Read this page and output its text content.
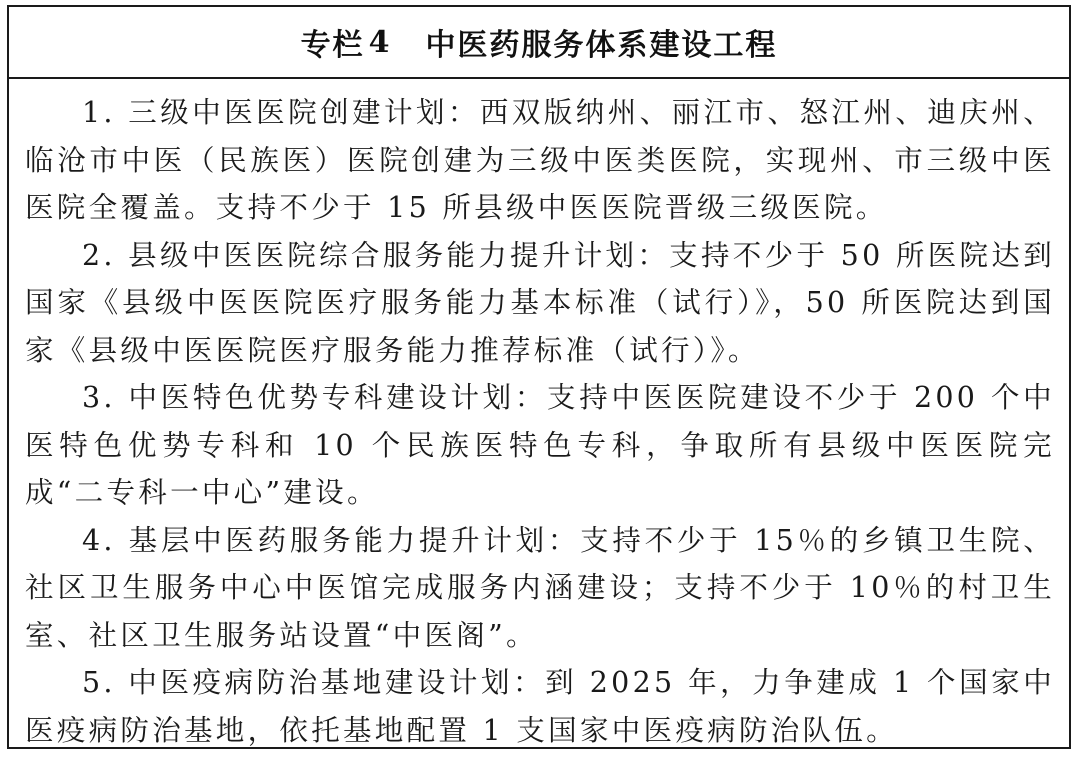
专栏 4 中医药服务体系建设工程

1. 三级中医医院创建计划：西双版纳州、丽江市、怒江州、迪庆州、临沧市中医（民族医）医院创建为三级中医类医院，实现州、市三级中医医院全覆盖。支持不少于 15 所县级中医医院晋级三级医院。

2. 县级中医医院综合服务能力提升计划：支持不少于 50 所医院达到国家《县级中医医院医疗服务能力基本标准（试行）》，50 所医院达到国家《县级中医医院医疗服务能力推荐标准（试行）》。

3. 中医特色优势专科建设计划：支持中医医院建设不少于 200 个中医特色优势专科和 10 个民族医特色专科，争取所有县级中医医院完成“二专科一中心”建设。

4. 基层中医药服务能力提升计划：支持不少于 15％的乡镇卫生院、社区卫生服务中心中医馆完成服务内涵建设；支持不少于 10％的村卫生室、社区卫生服务站设置“中医阁”。

5. 中医疫病防治基地建设计划：到 2025 年，力争建成 1 个国家中医疫病防治基地，依托基地配置 1 支国家中医疫病防治队伍。
